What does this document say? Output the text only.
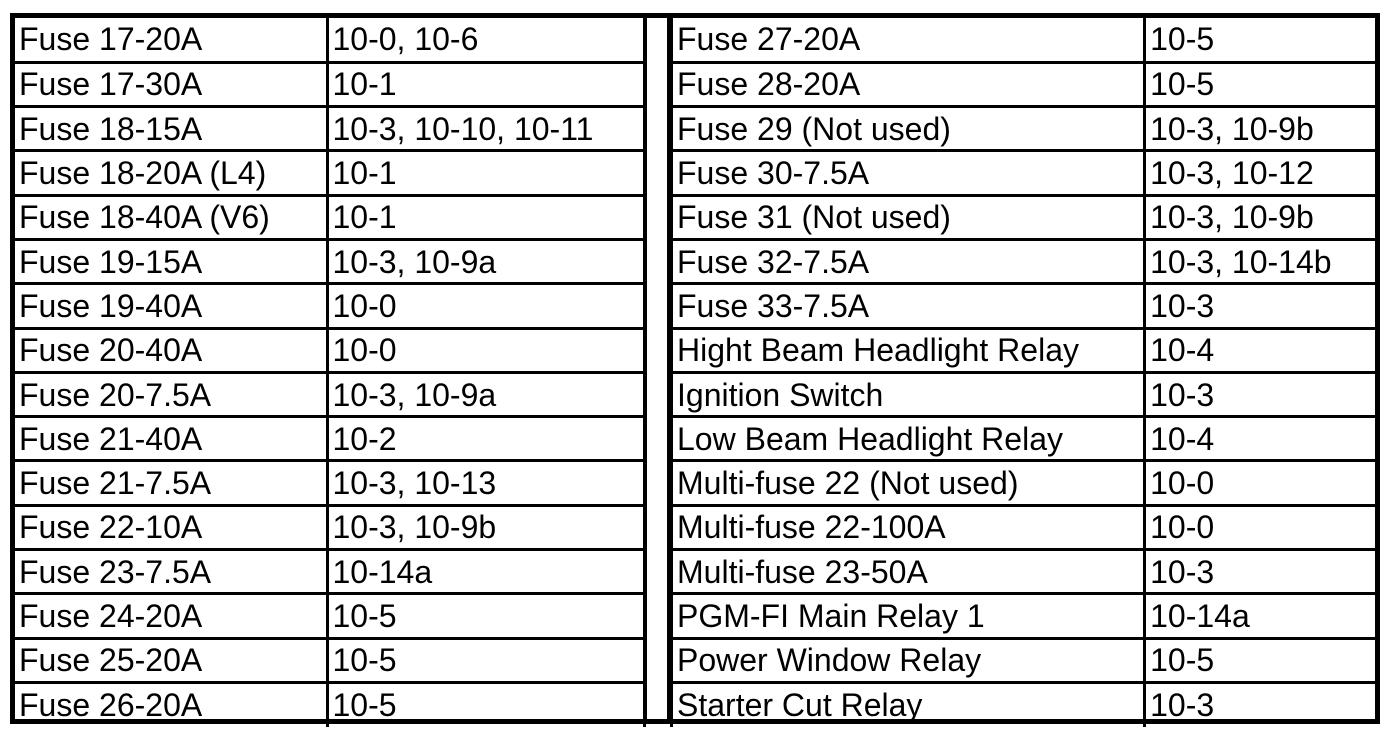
Fuse 17-20A	10-0, 10-6
Fuse 17-30A	10-1
Fuse 18-15A	10-3, 10-10, 10-11
Fuse 18-20A (L4)	10-1
Fuse 18-40A (V6)	10-1
Fuse 19-15A	10-3, 10-9a
Fuse 19-40A	10-0
Fuse 20-40A	10-0
Fuse 20-7.5A	10-3, 10-9a
Fuse 21-40A	10-2
Fuse 21-7.5A	10-3, 10-13
Fuse 22-10A	10-3, 10-9b
Fuse 23-7.5A	10-14a
Fuse 24-20A	10-5
Fuse 25-20A	10-5
Fuse 26-20A	10-5
Fuse 27-20A	10-5
Fuse 28-20A	10-5
Fuse 29 (Not used)	10-3, 10-9b
Fuse 30-7.5A	10-3, 10-12
Fuse 31 (Not used)	10-3, 10-9b
Fuse 32-7.5A	10-3, 10-14b
Fuse 33-7.5A	10-3
Hight Beam Headlight Relay	10-4
Ignition Switch	10-3
Low Beam Headlight Relay	10-4
Multi-fuse 22 (Not used)	10-0
Multi-fuse 22-100A	10-0
Multi-fuse 23-50A	10-3
PGM-FI Main Relay 1	10-14a
Power Window Relay	10-5
Starter Cut Relay	10-3
